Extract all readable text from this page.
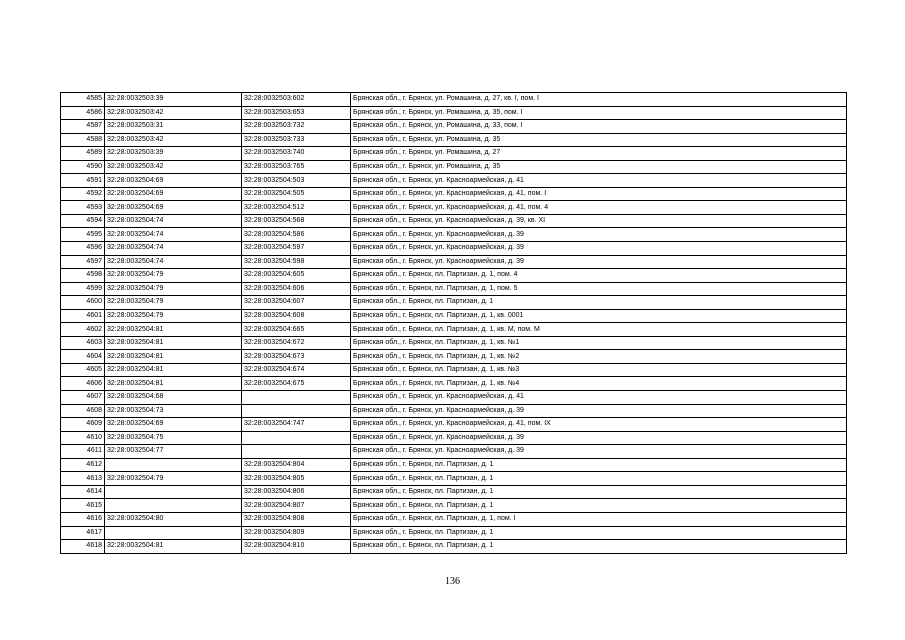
4585	32:28:0032503:39	32:28:0032503:602	Брянская обл., г. Брянск, ул. Ромашина, д. 27, кв. I, пом. I
4586	32:28:0032503:42	32:28:0032503:653	Брянская обл., г. Брянск, ул. Ромашина, д. 35, пом. I
4587	32:28:0032503:31	32:28:0032503:732	Брянская обл., г. Брянск, ул. Ромашина, д. 33, пом. I
4588	32:28:0032503:42	32:28:0032503:733	Брянская обл., г. Брянск, ул. Ромашина, д. 35
4589	32:28:0032503:39	32:28:0032503:740	Брянская обл., г. Брянск, ул. Ромашина, д. 27
4590	32:28:0032503:42	32:28:0032503:765	Брянская обл., г. Брянск, ул. Ромашина, д. 35
4591	32:28:0032504:69	32:28:0032504:503	Брянская обл., г. Брянск, ул. Красноармейская, д. 41
4592	32:28:0032504:69	32:28:0032504:505	Брянская обл., г. Брянск, ул. Красноармейская, д. 41, пом. I
4593	32:28:0032504:69	32:28:0032504:512	Брянская обл., г. Брянск, ул. Красноармейская, д. 41, пом. 4
4594	32:28:0032504:74	32:28:0032504:568	Брянская обл., г. Брянск, ул. Красноармейская, д. 39, кв. XI
4595	32:28:0032504:74	32:28:0032504:586	Брянская обл., г. Брянск, ул. Красноармейская, д. 39
4596	32:28:0032504:74	32:28:0032504:597	Брянская обл., г. Брянск, ул. Красноармейская, д. 39
4597	32:28:0032504:74	32:28:0032504:598	Брянская обл., г. Брянск, ул. Красноармейская, д. 39
4598	32:28:0032504:79	32:28:0032504:605	Брянская обл., г. Брянск, пл. Партизан, д. 1, пом. 4
4599	32:28:0032504:79	32:28:0032504:606	Брянская обл., г. Брянск, пл. Партизан, д. 1, пом. 5
4600	32:28:0032504:79	32:28:0032504:607	Брянская обл., г. Брянск, пл. Партизан, д. 1
4601	32:28:0032504:79	32:28:0032504:608	Брянская обл., г. Брянск, пл. Партизан, д. 1, кв. 0001
4602	32:28:0032504:81	32:28:0032504:665	Брянская обл., г. Брянск, пл. Партизан, д. 1, кв. М, пом. М
4603	32:28:0032504:81	32:28:0032504:672	Брянская обл., г. Брянск, пл. Партизан, д. 1, кв. №1
4604	32:28:0032504:81	32:28:0032504:673	Брянская обл., г. Брянск, пл. Партизан, д. 1, кв. №2
4605	32:28:0032504:81	32:28:0032504:674	Брянская обл., г. Брянск, пл. Партизан, д. 1, кв. №3
4606	32:28:0032504:81	32:28:0032504:675	Брянская обл., г. Брянск, пл. Партизан, д. 1, кв. №4
4607	32:28:0032504:68		Брянская обл., г. Брянск, ул. Красноармейская, д. 41
4608	32:28:0032504:73		Брянская обл., г. Брянск, ул. Красноармейская, д. 39
4609	32:28:0032504:69	32:28:0032504:747	Брянская обл., г. Брянск, ул. Красноармейская, д. 41, пом. IX
4610	32:28:0032504:75		Брянская обл., г. Брянск, ул. Красноармейская, д. 39
4611	32:28:0032504:77		Брянская обл., г. Брянск, ул. Красноармейская, д. 39
4612		32:28:0032504:804	Брянская обл., г. Брянск, пл. Партизан, д. 1
4613	32:28:0032504:79	32:28:0032504:805	Брянская обл., г. Брянск, пл. Партизан, д. 1
4614		32:28:0032504:806	Брянская обл., г. Брянск, пл. Партизан, д. 1
4615		32:28:0032504:807	Брянская обл., г. Брянск, пл. Партизан, д. 1
4616	32:28:0032504:80	32:28:0032504:808	Брянская обл., г. Брянск, пл. Партизан, д. 1, пом. I
4617		32:28:0032504:809	Брянская обл., г. Брянск, пл. Партизан, д. 1
4618	32:28:0032504:81	32:28:0032504:810	Брянская обл., г. Брянск, пл. Партизан, д. 1
136
